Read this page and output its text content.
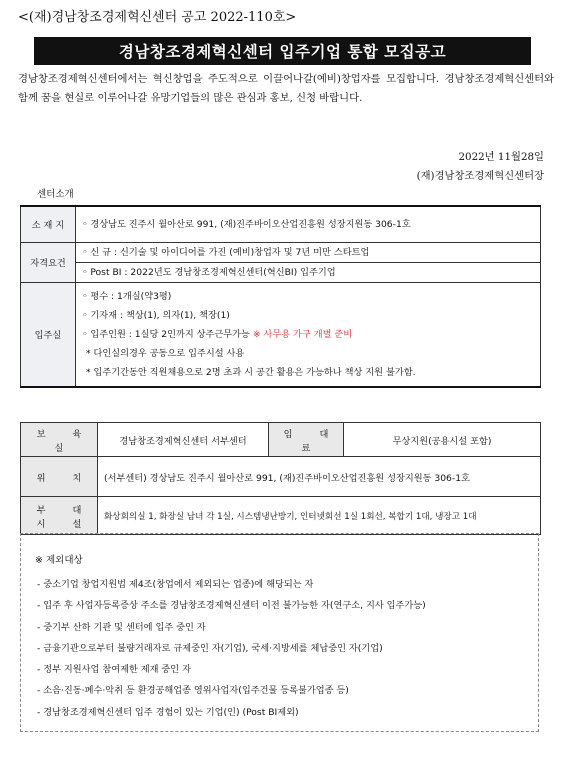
<(재)경남창조경제혁신센터 공고 2022-110호>
경남창조경제혁신센터 입주기업 통합 모집공고
경남창조경제혁신센터에서는 혁신창업을 주도적으로 이끌어나갈(예비)창업자를 모집합니다. 경남창조경제혁신센터와 함께 꿈을 현실로 이루어나갈 유망기업들의 많은 관심과 홍보, 신청 바랍니다.
2022년 11월28일
(재)경남창조경제혁신센터장
센터소개
소 재 지	◦ 경상남도 진주시 월아산로 991, (재)진주바이오산업진흥원 성장지원동 306-1호
자격요건	◦ 신 규 : 신기술 및 아이디어를 가진 (예비)창업자 및 7년 미만 스타트업
◦ Post BI : 2022년도 경남창조경제혁신센터(혁신BI) 입주기업

입주실	◦ 평수 : 1개실(약3평)
◦ 기자재 : 책상(1), 의자(1), 책장(1)
◦ 입주인원 : 1실당 2인까지 상주근무가능 ※ 사무용 가구 개별 준비
* 다인실의경우 공동으로 입주시설 사용
* 입주기간동안 직원채용으로 2명 초과 시 공간 활용은 가능하나 책상 지원 불가함.
보 육 실	경남창조경제혁신센터 서부센터	임 대 료	무상지원(공용시설 포함)
위 치	(서부센터) 경상남도 진주시 월아산로 991, (재)진주바이오산업진흥원 성장지원동 306-1호		
부 대 시 설	화상회의실 1, 화장실 남녀 각 1실, 시스템냉난방기, 인터넷회선 1실 1회선, 복합기 1대, 냉장고 1대		
※ 제외대상
- 중소기업 창업지원법 제4조(창업에서 제외되는 업종)에 해당되는 자
- 입주 후 사업자등록증상 주소를 경남창조경제혁신센터 이전 불가능한 자(연구소, 지사 입주가능)
- 중기부 산하 기관 및 센터에 입주 중인 자
- 금융기관으로부터 불량거래자로 규제중인 자(기업), 국세·지방세를 체납중인 자(기업)
- 정부 지원사업 참여제한 제재 중인 자
- 소음·진동·폐수·악취 등 환경공해업종 영위사업자(입주건물 등록불가업종 등)
- 경남창조경제혁신센터 입주 경험이 있는 기업(인) (Post BI제외)
